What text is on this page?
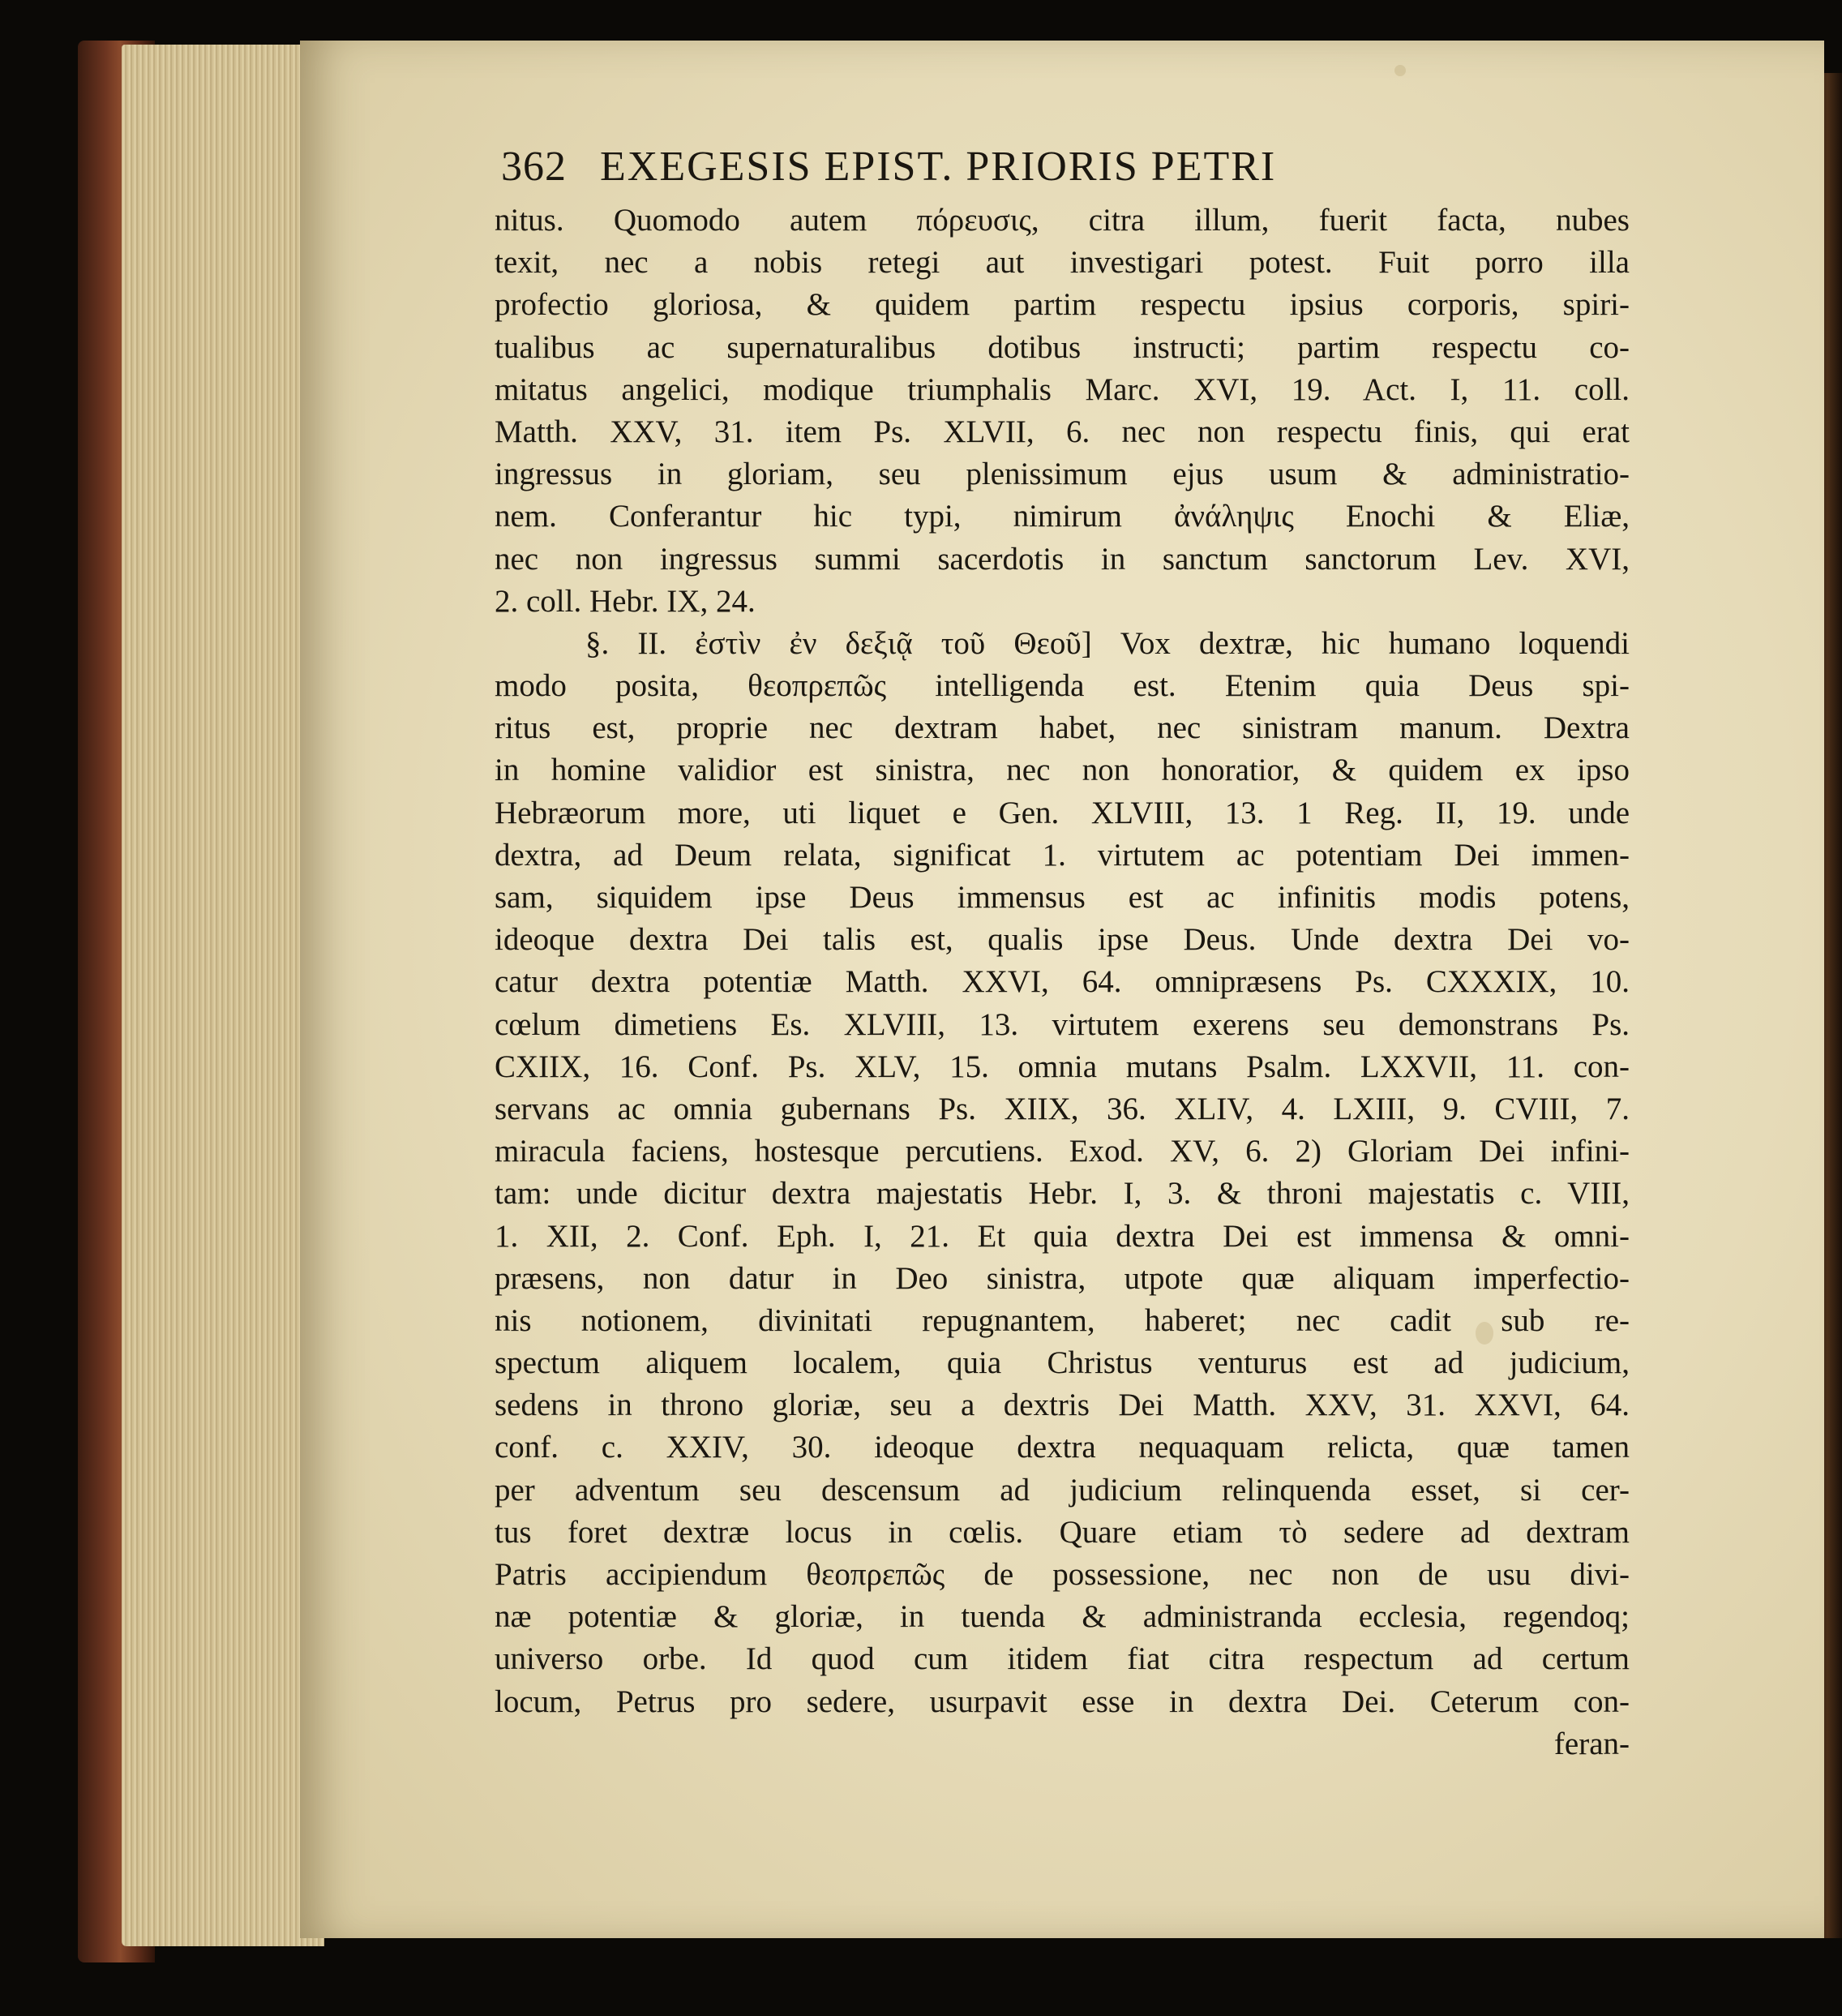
362 EXEGESIS EPIST. PRIORIS PETRI
nitus. Quomodo autem πόρευσις, citra illum, fuerit facta, nubes
texit, nec a nobis retegi aut investigari potest. Fuit porro illa
profectio gloriosa, & quidem partim respectu ipsius corporis, spiri-
tualibus ac supernaturalibus dotibus instructi; partim respectu co-
mitatus angelici, modique triumphalis Marc. XVI, 19. Act. I, 11. coll.
Matth. XXV, 31. item Ps. XLVII, 6. nec non respectu finis, qui erat
ingressus in gloriam, seu plenissimum ejus usum & administratio-
nem. Conferantur hic typi, nimirum ἀνάληψις Enochi & Eliæ,
nec non ingressus summi sacerdotis in sanctum sanctorum Lev. XVI,
2. coll. Hebr. IX, 24.
§. II. ἐστὶν ἐν δεξιᾷ τοῦ Θεοῦ] Vox dextræ, hic humano loquendi
modo posita, θεοπρεπῶς intelligenda est. Etenim quia Deus spi-
ritus est, proprie nec dextram habet, nec sinistram manum. Dextra
in homine validior est sinistra, nec non honoratior, & quidem ex ipso
Hebræorum more, uti liquet e Gen. XLVIII, 13. 1 Reg. II, 19. unde
dextra, ad Deum relata, significat 1. virtutem ac potentiam Dei immen-
sam, siquidem ipse Deus immensus est ac infinitis modis potens,
ideoque dextra Dei talis est, qualis ipse Deus. Unde dextra Dei vo-
catur dextra potentiæ Matth. XXVI, 64. omnipræsens Ps. CXXXIX, 10.
cœlum dimetiens Es. XLVIII, 13. virtutem exerens seu demonstrans Ps.
CXIIX, 16. Conf. Ps. XLV, 15. omnia mutans Psalm. LXXVII, 11. con-
servans ac omnia gubernans Ps. XIIX, 36. XLIV, 4. LXIII, 9. CVIII, 7.
miracula faciens, hostesque percutiens. Exod. XV, 6. 2) Gloriam Dei infini-
tam: unde dicitur dextra majestatis Hebr. I, 3. & throni majestatis c. VIII,
1. XII, 2. Conf. Eph. I, 21. Et quia dextra Dei est immensa & omni-
præsens, non datur in Deo sinistra, utpote quæ aliquam imperfectio-
nis notionem, divinitati repugnantem, haberet; nec cadit sub re-
spectum aliquem localem, quia Christus venturus est ad judicium,
sedens in throno gloriæ, seu a dextris Dei Matth. XXV, 31. XXVI, 64.
conf. c. XXIV, 30. ideoque dextra nequaquam relicta, quæ tamen
per adventum seu descensum ad judicium relinquenda esset, si cer-
tus foret dextræ locus in cœlis. Quare etiam τὸ sedere ad dextram
Patris accipiendum θεοπρεπῶς de possessione, nec non de usu divi-
næ potentiæ & gloriæ, in tuenda & administranda ecclesia, regendoq;
universo orbe. Id quod cum itidem fiat citra respectum ad certum
locum, Petrus pro sedere, usurpavit esse in dextra Dei. Ceterum con-
feran-
